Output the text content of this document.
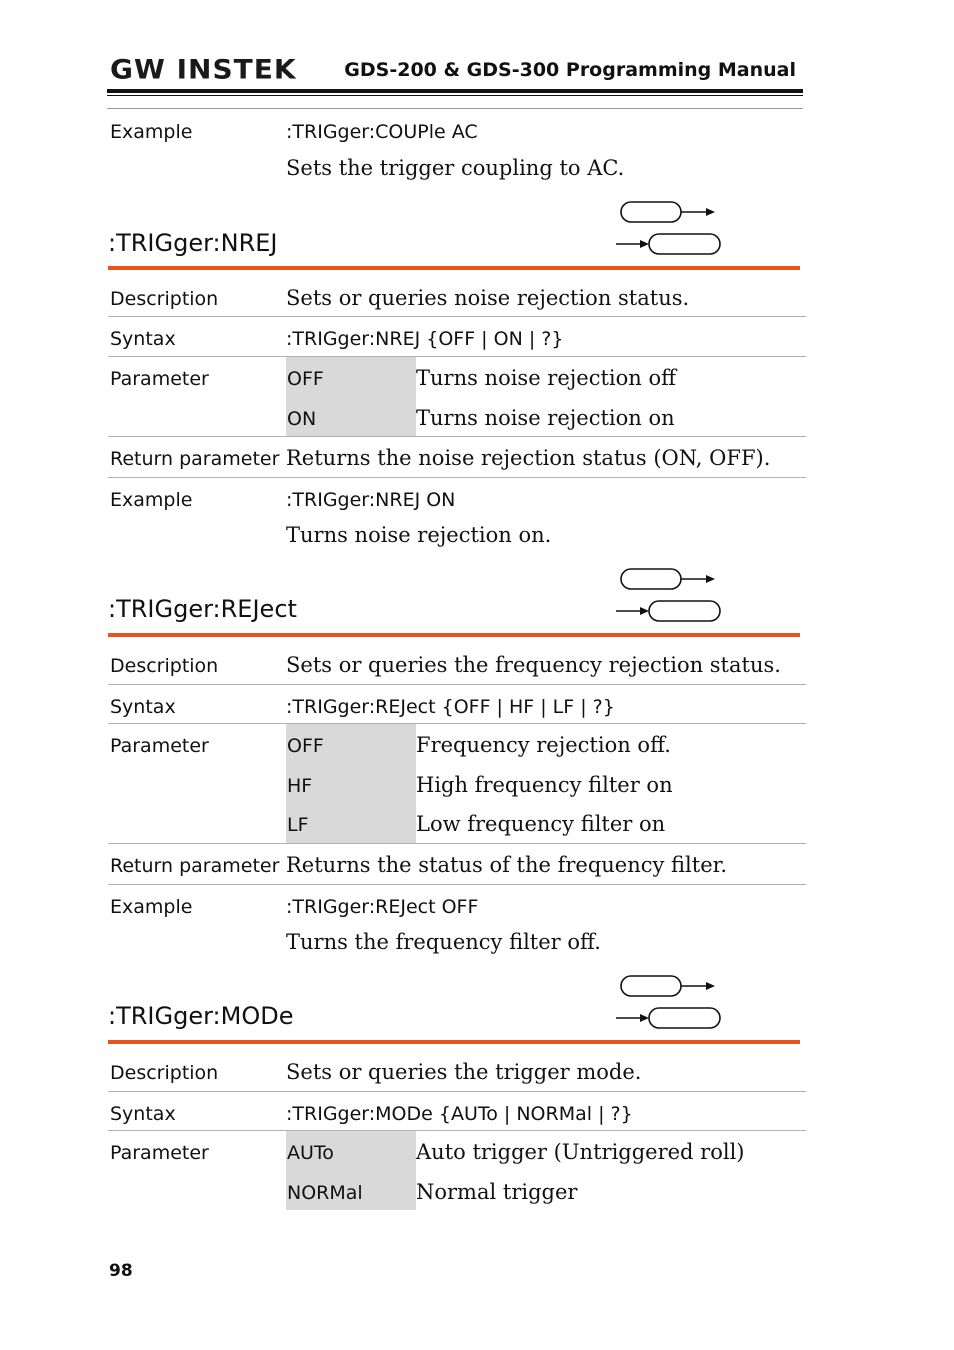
GW INSTEK	GDS-200 & GDS-300 Programming Manual
Example	:TRIGger:COUPle AC
Sets the trigger coupling to AC.
:TRIGger:NREJ
Description	Sets or queries noise rejection status.
Syntax	:TRIGger:NREJ {OFF | ON | ?}
Parameter	OFF	Turns noise rejection off
ON	Turns noise rejection on
Return parameter Returns the noise rejection status (ON, OFF).
Example	:TRIGger:NREJ ON
Turns noise rejection on.
:TRIGger:REJect
Description	Sets or queries the frequency rejection status.
Syntax	:TRIGger:REJect {OFF | HF | LF | ?}
Parameter	OFF	Frequency rejection off.
HF	High frequency filter on
LF	Low frequency filter on
Return parameter Returns the status of the frequency filter.
Example	:TRIGger:REJect OFF
Turns the frequency filter off.
:TRIGger:MODe
Description	Sets or queries the trigger mode.
Syntax	:TRIGger:MODe {AUTo | NORMal | ?}
Parameter	AUTo	Auto trigger (Untriggered roll)
NORMal	Normal trigger
98
